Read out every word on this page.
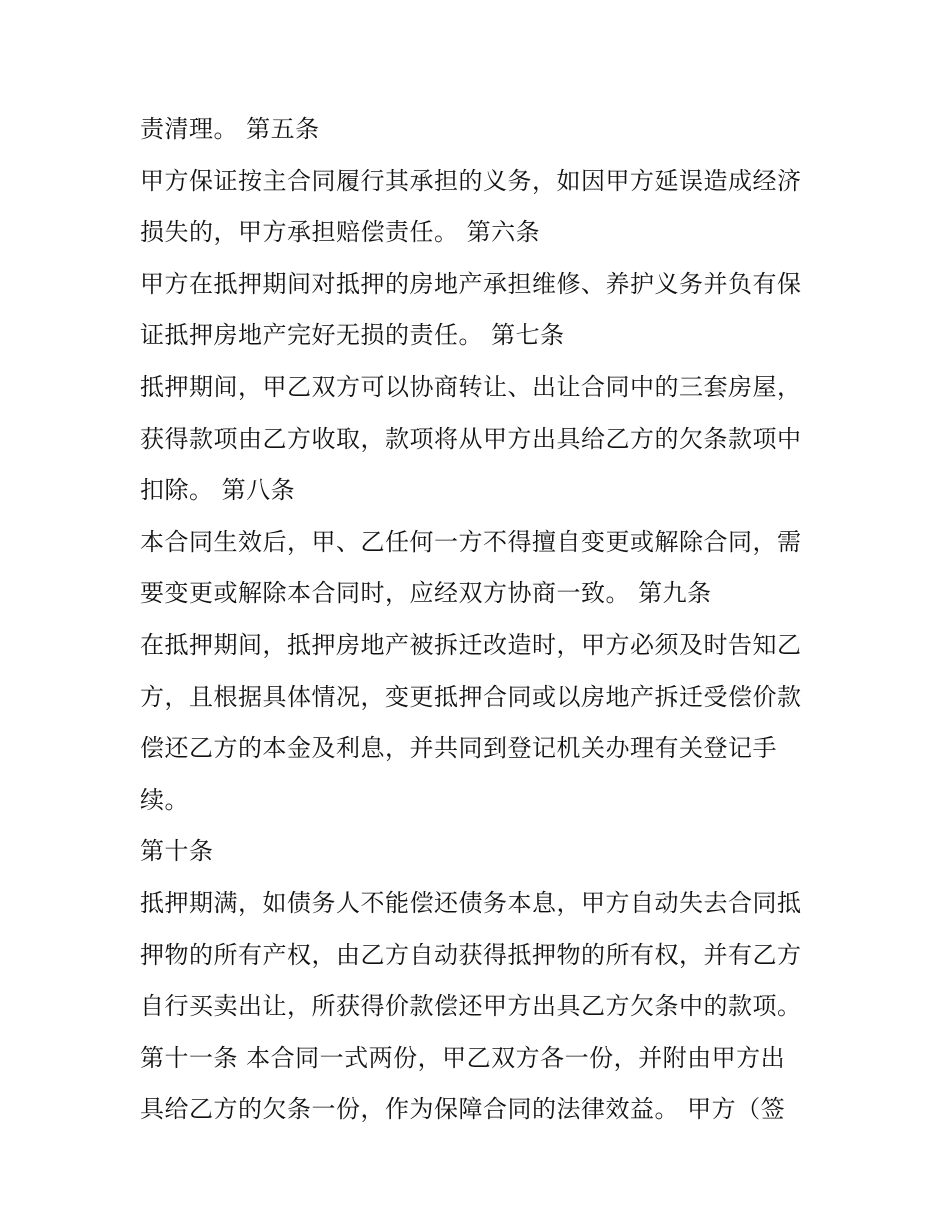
责清理。 第五条
甲方保证按主合同履行其承担的义务，如因甲方延误造成经济
损失的，甲方承担赔偿责任。 第六条
甲方在抵押期间对抵押的房地产承担维修、养护义务并负有保
证抵押房地产完好无损的责任。 第七条
抵押期间，甲乙双方可以协商转让、出让合同中的三套房屋，
获得款项由乙方收取，款项将从甲方出具给乙方的欠条款项中
扣除。 第八条
本合同生效后，甲、乙任何一方不得擅自变更或解除合同，需
要变更或解除本合同时，应经双方协商一致。 第九条
在抵押期间，抵押房地产被拆迁改造时，甲方必须及时告知乙
方，且根据具体情况，变更抵押合同或以房地产拆迁受偿价款
偿还乙方的本金及利息，并共同到登记机关办理有关登记手
续。
第十条
抵押期满，如债务人不能偿还债务本息，甲方自动失去合同抵
押物的所有产权，由乙方自动获得抵押物的所有权，并有乙方
自行买卖出让，所获得价款偿还甲方出具乙方欠条中的款项。
第十一条 本合同一式两份，甲乙双方各一份，并附由甲方出
具给乙方的欠条一份，作为保障合同的法律效益。 甲方（签
